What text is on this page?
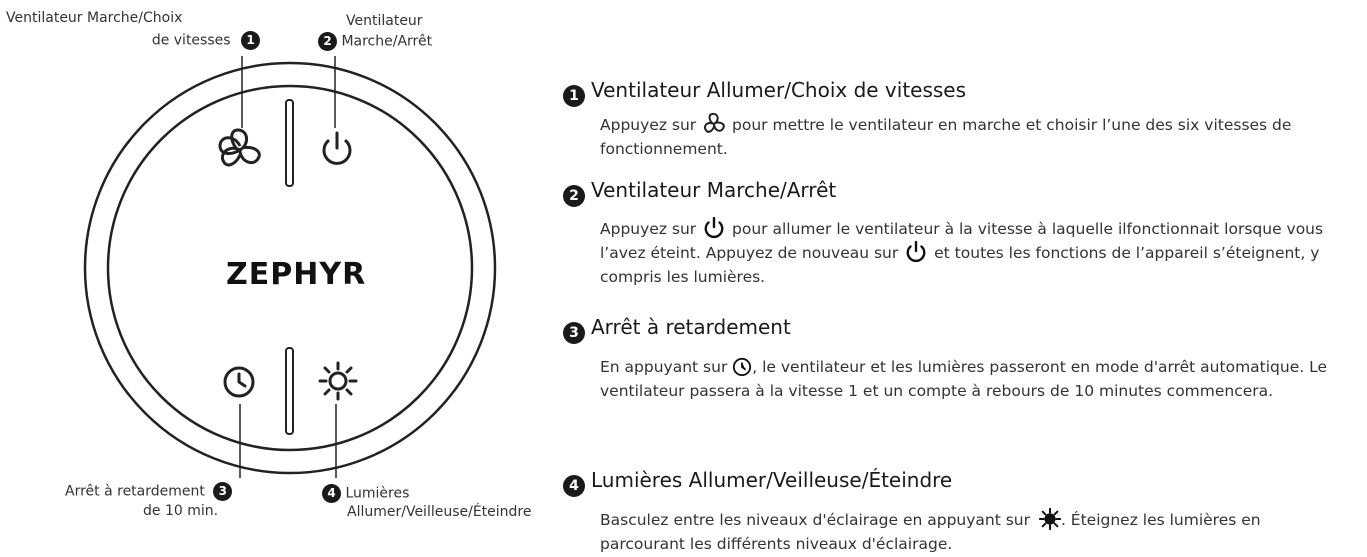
ZEPHYR
Ventilateur Marche/Choix
de vitesses 1
Ventilateur
2 Marche/Arrêt
Arrêt à retardement 3
de 10 min.
4 Lumières
Allumer/Veilleuse/Éteindre
1 Ventilateur Allumer/Choix de vitesses
Appuyez sur pour mettre le ventilateur en marche et choisir l’une des six vitesses de fonctionnement.
2 Ventilateur Marche/Arrêt
Appuyez sur pour allumer le ventilateur à la vitesse à laquelle ilfonctionnait lorsque vous l’avez éteint. Appuyez de nouveau sur et toutes les fonctions de l’appareil s’éteignent, y compris les lumières.
3 Arrêt à retardement
En appuyant sur , le ventilateur et les lumières passeront en mode d'arrêt automatique. Le ventilateur passera à la vitesse 1 et un compte à rebours de 10 minutes commencera.
4 Lumières Allumer/Veilleuse/Éteindre
Basculez entre les niveaux d'éclairage en appuyant sur . Éteignez les lumières en parcourant les différents niveaux d'éclairage.
